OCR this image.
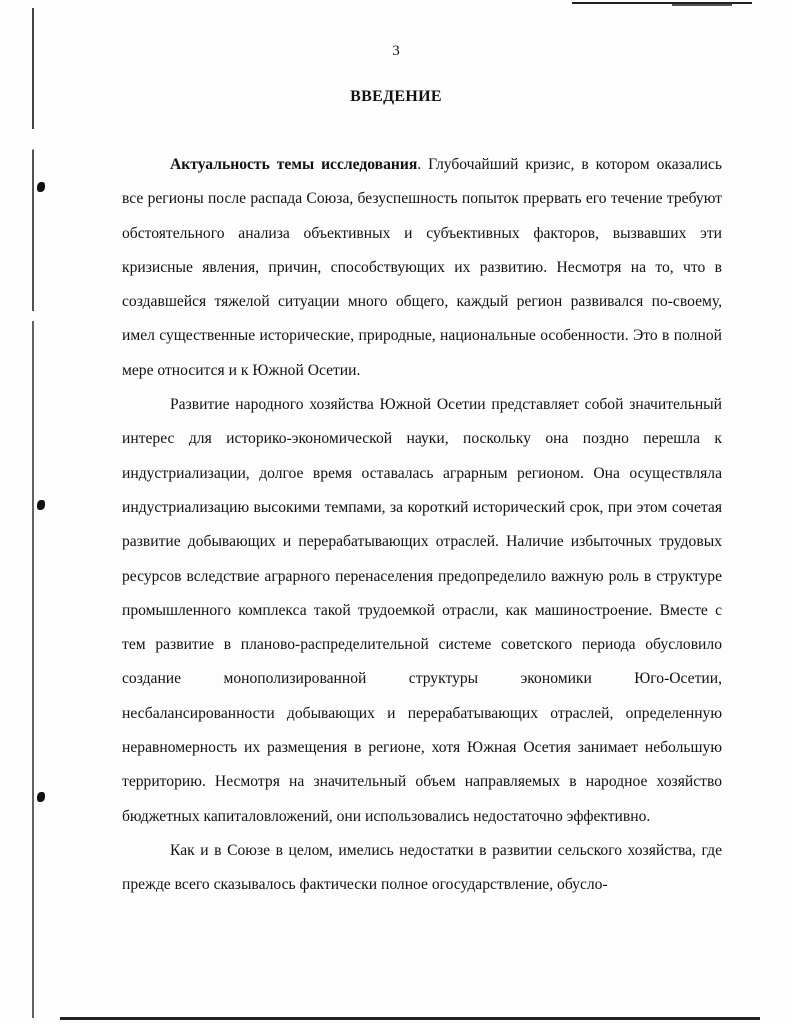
3
ВВЕДЕНИЕ

Актуальность темы исследования. Глубочайший кризис, в котором оказались все регионы после распада Союза, безуспешность попыток прервать его течение требуют обстоятельного анализа объективных и субъективных факторов, вызвавших эти кризисные явления, причин, способствующих их развитию. Несмотря на то, что в создавшейся тяжелой ситуации много общего, каждый регион развивался по-своему, имел существенные исторические, природные, национальные особенности. Это в полной мере относится и к Южной Осетии.

Развитие народного хозяйства Южной Осетии представляет собой значительный интерес для историко-экономической науки, поскольку она поздно перешла к индустриализации, долгое время оставалась аграрным регионом. Она осуществляла индустриализацию высокими темпами, за короткий исторический срок, при этом сочетая развитие добывающих и перерабатывающих отраслей. Наличие избыточных трудовых ресурсов вследствие аграрного перенаселения предопределило важную роль в структуре промышленного комплекса такой трудоемкой отрасли, как машиностроение. Вместе с тем развитие в планово-распределительной системе советского периода обусловило создание монополизированной структуры экономики Юго-Осетии, несбалансированности добывающих и перерабатывающих отраслей, определенную неравномерность их размещения в регионе, хотя Южная Осетия занимает небольшую территорию. Несмотря на значительный объем направляемых в народное хозяйство бюджетных капиталовложений, они использовались недостаточно эффективно.

Как и в Союзе в целом, имелись недостатки в развитии сельского хозяйства, где прежде всего сказывалось фактически полное огосударствление, обусло-
